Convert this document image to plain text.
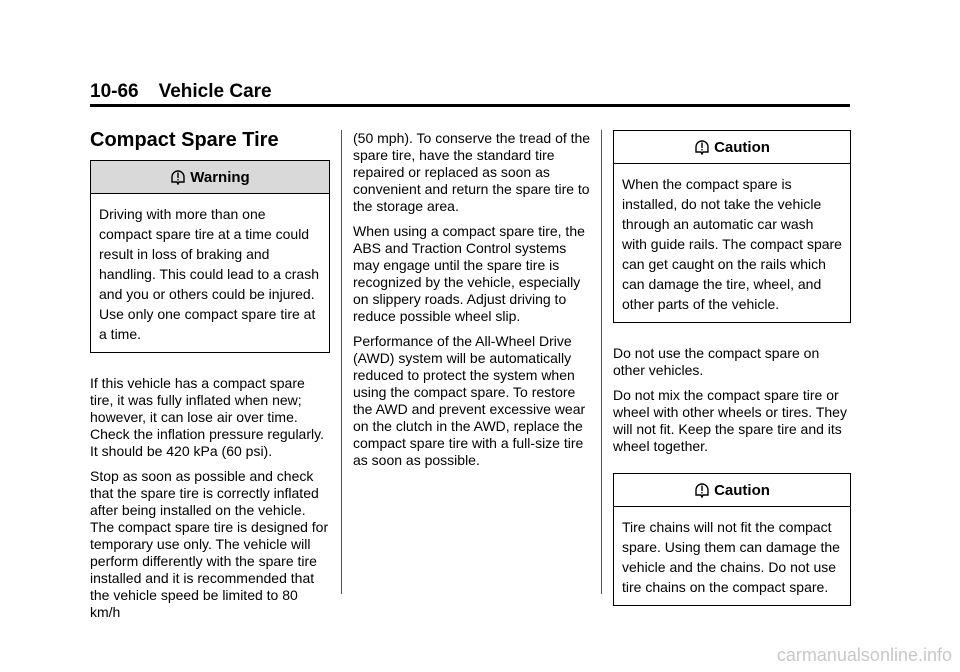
10-66 Vehicle Care
Compact Spare Tire
Warning
Driving with more than one compact spare tire at a time could result in loss of braking and handling. This could lead to a crash and you or others could be injured. Use only one compact spare tire at a time.

If this vehicle has a compact spare tire, it was fully inflated when new; however, it can lose air over time. Check the inflation pressure regularly. It should be 420 kPa (60 psi).

Stop as soon as possible and check that the spare tire is correctly inflated after being installed on the vehicle. The compact spare tire is designed for temporary use only. The vehicle will perform differently with the spare tire installed and it is recommended that the vehicle speed be limited to 80 km/h

(50 mph). To conserve the tread of the spare tire, have the standard tire repaired or replaced as soon as convenient and return the spare tire to the storage area.

When using a compact spare tire, the ABS and Traction Control systems may engage until the spare tire is recognized by the vehicle, especially on slippery roads. Adjust driving to reduce possible wheel slip.

Performance of the All-Wheel Drive (AWD) system will be automatically reduced to protect the system when using the compact spare. To restore the AWD and prevent excessive wear on the clutch in the AWD, replace the compact spare tire with a full-size tire as soon as possible.

Caution
When the compact spare is installed, do not take the vehicle through an automatic car wash with guide rails. The compact spare can get caught on the rails which can damage the tire, wheel, and other parts of the vehicle.

Do not use the compact spare on other vehicles.

Do not mix the compact spare tire or wheel with other wheels or tires. They will not fit. Keep the spare tire and its wheel together.

Caution
Tire chains will not fit the compact spare. Using them can damage the vehicle and the chains. Do not use tire chains on the compact spare.
carmanualsonline.info
